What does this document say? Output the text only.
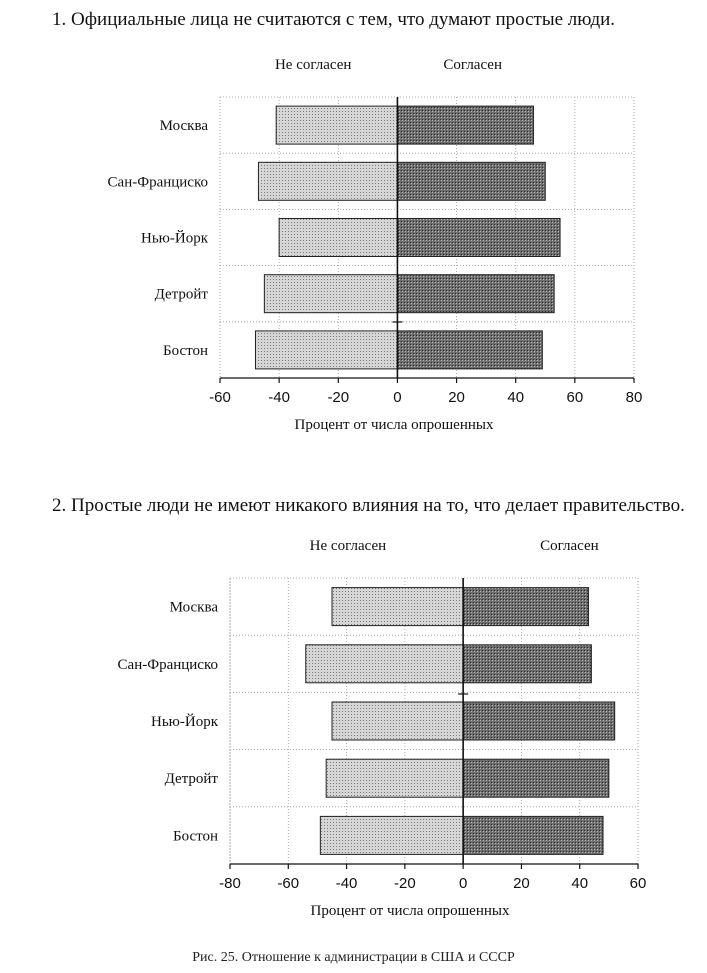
1. Официальные лица не считаются с тем, что думают простые люди.
Москва
Сан-Франциско
Нью-Йорк
Детройт
Бостон
-60 -40 -20	0	20	40	60	80
Процент от числа опрошенных
Не согласен	Согласен
2. Простые люди не имеют никакого влияния на то, что делает правительство.
Москва
Сан-Франциско
Нью-Йорк
Детройт
Бостон
-80 -60 -40 -20	0	20	40	60
Процент от числа опрошенных
Не согласен	Согласен
Рис. 25. Отношение к администрации в США и СССР
